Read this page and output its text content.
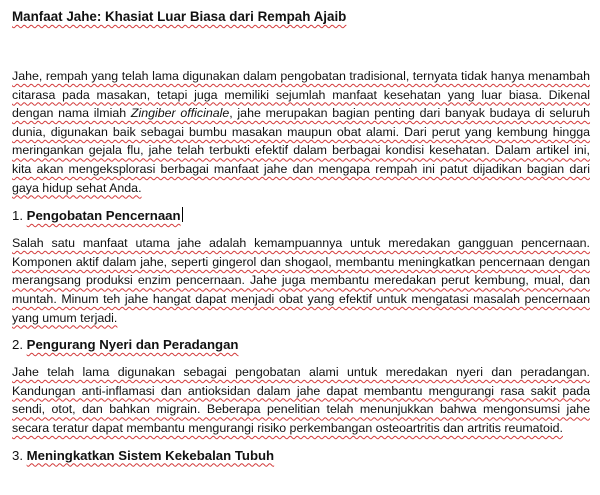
Manfaat Jahe: Khasiat Luar Biasa dari Rempah Ajaib

Jahe, rempah yang telah lama digunakan dalam pengobatan tradisional, ternyata tidak hanya menambah citarasa pada masakan, tetapi juga memiliki sejumlah manfaat kesehatan yang luar biasa. Dikenal dengan nama ilmiah Zingiber officinale, jahe merupakan bagian penting dari banyak budaya di seluruh dunia, digunakan baik sebagai bumbu masakan maupun obat alami. Dari perut yang kembung hingga meringankan gejala flu, jahe telah terbukti efektif dalam berbagai kondisi kesehatan. Dalam artikel ini, kita akan mengeksplorasi berbagai manfaat jahe dan mengapa rempah ini patut dijadikan bagian dari gaya hidup sehat Anda.

1. Pengobatan Pencernaan

Salah satu manfaat utama jahe adalah kemampuannya untuk meredakan gangguan pencernaan. Komponen aktif dalam jahe, seperti gingerol dan shogaol, membantu meningkatkan pencernaan dengan merangsang produksi enzim pencernaan. Jahe juga membantu meredakan perut kembung, mual, dan muntah. Minum teh jahe hangat dapat menjadi obat yang efektif untuk mengatasi masalah pencernaan yang umum terjadi.

2. Pengurang Nyeri dan Peradangan

Jahe telah lama digunakan sebagai pengobatan alami untuk meredakan nyeri dan peradangan. Kandungan anti-inflamasi dan antioksidan dalam jahe dapat membantu mengurangi rasa sakit pada sendi, otot, dan bahkan migrain. Beberapa penelitian telah menunjukkan bahwa mengonsumsi jahe secara teratur dapat membantu mengurangi risiko perkembangan osteoartritis dan artritis reumatoid.

3. Meningkatkan Sistem Kekebalan Tubuh
